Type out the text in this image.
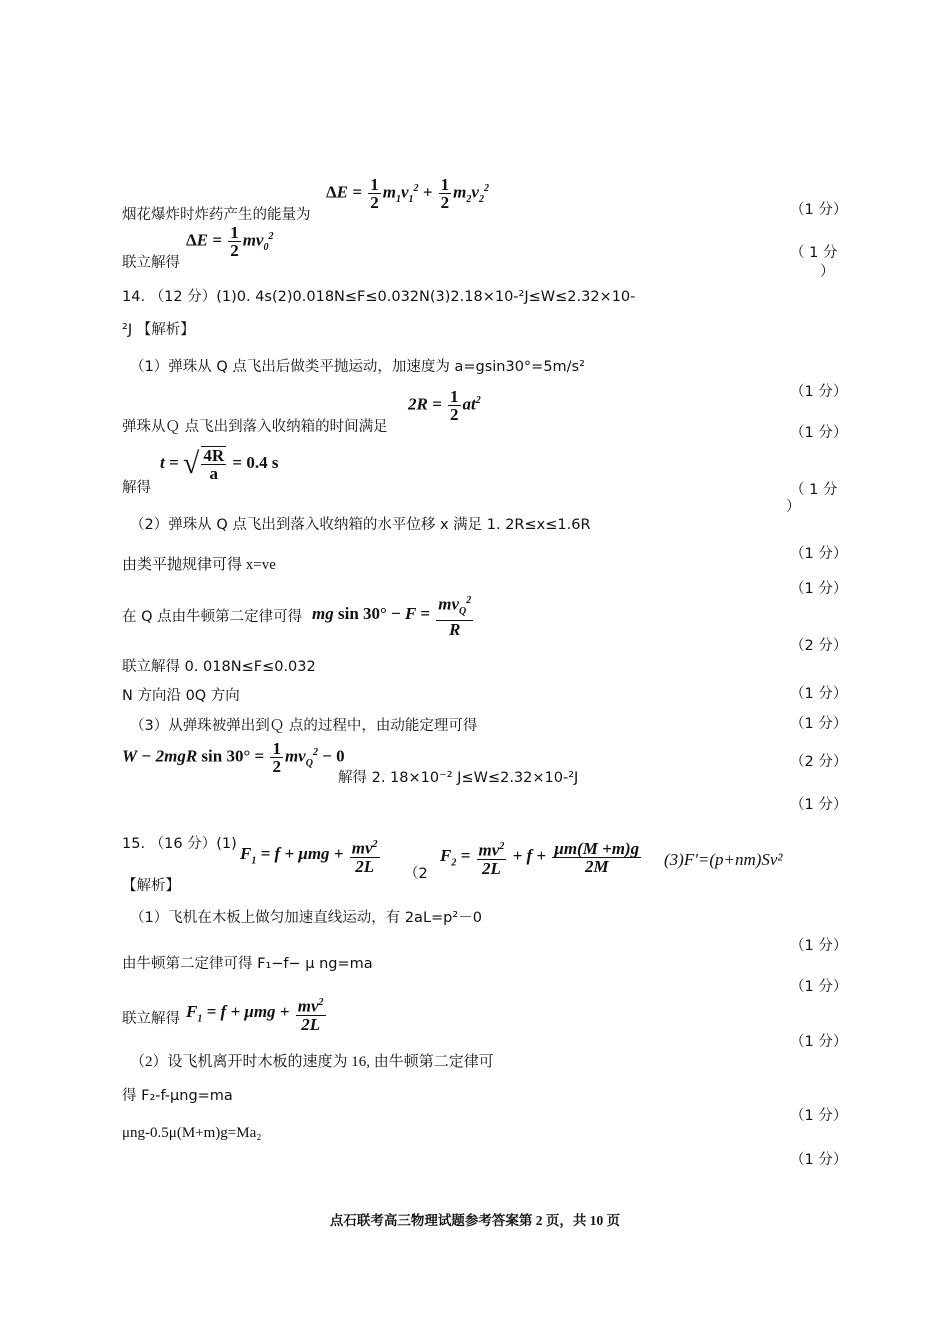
烟花爆炸时炸药产生的能量为
$\Delta E = \frac{1}{2} m_1v_1^2 + \frac{1}{2} m_2v_2^2$
（1 分）
联立解得
$\Delta E = \frac{1}{2} mv_0^2$
（ 1 分
）
14. （12 分）(1)0. 4s(2)0.018N≤F≤0.032N(3)2.18×10-²J≤W≤2.32×10-
²J 【解析】
（1）弹珠从 Q 点飞出后做类平抛运动，加速度为 a=gsin30°=5m/s²
（1 分）
弹珠从Ｑ 点飞出到落入收纳箱的时间满足
$2R = \frac{1}{2} at^2$
（1 分）
解得
t = √ $\frac{4R}{a} = 0.4$ s
（ 1 分
）
（2）弹珠从 Q 点飞出到落入收纳箱的水平位移 x 满足 1. 2R≤x≤1.6R
（1 分）
由类平抛规律可得 x=ve
（1 分）
在 Q 点由牛顿第二定律可得 mg $\sin 30^\circ - F = \frac{mv_Q^2}{R}$
（2 分）
联立解得 0. 018N≤F≤0.032
N 方向沿 0Q 方向	（1 分）
（3）从弹珠被弹出到Ｑ 点的过程中，由动能定理可得	（1 分）
W − 2mgR $\sin 30^\circ = \frac{1}{2} mv_Q^2 - 0$
解得 2. 18×10⁻² J≤W≤2.32×10-²J
（2 分）
（1 分）
15. （16 分）(1)
$F_1 = f + \mu mg + \frac{mv^2}{2L} (2$
$F_2 = \frac{mv^2}{2L} + f + \frac{\mu m(M +m)g}{2M} (3)F'=(p+nm)Sv^2$
【解析】
（1）飞机在木板上做匀加速直线运动，有 2aL=p²－0
（1 分）
由牛顿第二定律可得 F₁−f− μ ng=ma
（1 分）
联立解得 $F_1 = f + \mu mg + \frac{mv^2}{2L}$
（1 分）
（2）设飞机离开时木板的速度为 16, 由牛顿第二定律可
得 F₂-f-μng=ma
（1 分）
μng-0.5μ(M+m)g=Ma₂
（1 分）
点石联考高三物理试题参考答案第 2 页，共 10 页
